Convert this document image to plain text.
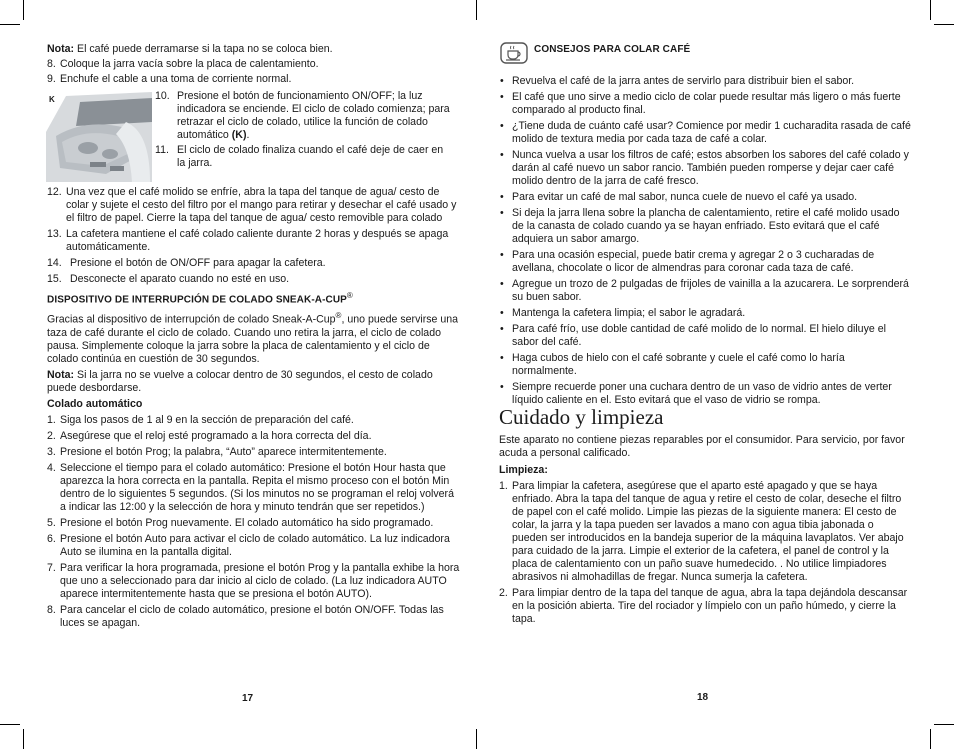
Nota: El café puede derramarse si la tapa no se coloca bien.

8. Coloque la jarra vacía sobre la placa de calentamiento.

9. Enchufe el cable a una toma de corriente normal.

K	10. Presione el botón de funcionamiento ON/OFF; la luz indicadora se enciende. El ciclo de colado comienza; para retrazar el ciclo de colado, utilice la función de colado automático (K).

11. El ciclo de colado finaliza cuando el café deje de caer en la jarra.

12. Una vez que el café molido se enfríe, abra la tapa del tanque de agua/ cesto de colar y sujete el cesto del filtro por el mango para retirar y desechar el café usado y el filtro de papel. Cierre la tapa del tanque de agua/ cesto removible para colado

13. La cafetera mantiene el café colado caliente durante 2 horas y después se apaga automáticamente.

14. Presione el botón de ON/OFF para apagar la cafetera.

15. Desconecte el aparato cuando no esté en uso.

DISPOSITIVO DE INTERRUPCIÓN DE COLADO SNEAK-A-CUP®

Gracias al dispositivo de interrupción de colado Sneak-A-Cup®, uno puede servirse una taza de café durante el ciclo de colado. Cuando uno retira la jarra, el ciclo de colado pausa. Simplemente coloque la jarra sobre la placa de calentamiento y el ciclo de colado continúa en cuestión de 30 segundos.

Nota: Si la jarra no se vuelve a colocar dentro de 30 segundos, el cesto de colado puede desbordarse.

Colado automático

1. Siga los pasos de 1 al 9 en la sección de preparación del café.

2. Asegúrese que el reloj esté programado a la hora correcta del día.

3. Presione el botón Prog; la palabra, “Auto” aparece intermitentemente.

4. Seleccione el tiempo para el colado automático: Presione el botón Hour hasta que aparezca la hora correcta en la pantalla. Repita el mismo proceso con el botón Min dentro de lo siguientes 5 segundos. (Si los minutos no se programan el reloj volverá a indicar las 12:00 y la selección de hora y minuto tendrán que ser repetidos.)

5. Presione el botón Prog nuevamente. El colado automático ha sido programado.

6. Presione el botón Auto para activar el ciclo de colado automático. La luz indicadora Auto se ilumina en la pantalla digital.

7. Para verificar la hora programada, presione el botón Prog y la pantalla exhibe la hora que uno a seleccionado para dar inicio al ciclo de colado. (La luz indicadora AUTO aparece intermitentemente hasta que se presiona el botón AUTO).

8. Para cancelar el ciclo de colado automático, presione el botón ON/OFF. Todas las luces se apagan.

17

CONSEJOS PARA COLAR CAFÉ

• Revuelva el café de la jarra antes de servirlo para distribuir bien el sabor.

• El café que uno sirve a medio ciclo de colar puede resultar más ligero o más fuerte comparado al producto final.

• ¿Tiene duda de cuánto café usar? Comience por medir 1 cucharadita rasada de café molido de textura media por cada taza de café a colar.

• Nunca vuelva a usar los filtros de café; estos absorben los sabores del café colado y darán al café nuevo un sabor rancio. También pueden romperse y dejar caer café molido dentro de la jarra de café fresco.

• Para evitar un café de mal sabor, nunca cuele de nuevo el café ya usado.

• Si deja la jarra llena sobre la plancha de calentamiento, retire el café molido usado de la canasta de colado cuando ya se hayan enfriado. Esto evitará que el café adquiera un sabor amargo.

• Para una ocasión especial, puede batir crema y agregar 2 o 3 cucharadas de avellana, chocolate o licor de almendras para coronar cada taza de café.

• Agregue un trozo de 2 pulgadas de frijoles de vainilla a la azucarera. Le sorprenderá su buen sabor.

• Mantenga la cafetera limpia; el sabor le agradará.

• Para café frío, use doble cantidad de café molido de lo normal. El hielo diluye el sabor del café.

• Haga cubos de hielo con el café sobrante y cuele el café como lo haría normalmente.

• Siempre recuerde poner una cuchara dentro de un vaso de vidrio antes de verter líquido caliente en el. Esto evitará que el vaso de vidrio se rompa.

Cuidado y limpieza

Este aparato no contiene piezas reparables por el consumidor. Para servicio, por favor acuda a personal calificado.

Limpieza:

1. Para limpiar la cafetera, asegúrese que el aparto esté apagado y que se haya enfriado. Abra la tapa del tanque de agua y retire el cesto de colar, deseche el filtro de papel con el café molido. Limpie las piezas de la siguiente manera: El cesto de colar, la jarra y la tapa pueden ser lavados a mano con agua tibia jabonada o pueden ser introducidos en la bandeja superior de la máquina lavaplatos. Ver abajo para cuidado de la jarra. Limpie el exterior de la cafetera, el panel de control y la placa de calentamiento con un paño suave humedecido. . No utilice limpiadores abrasivos ni almohadillas de fregar. Nunca sumerja la cafetera.

2. Para limpiar dentro de la tapa del tanque de agua, abra la tapa dejándola descansar en la posición abierta. Tire del rociador y límpielo con un paño húmedo, y cierre la tapa.

18
